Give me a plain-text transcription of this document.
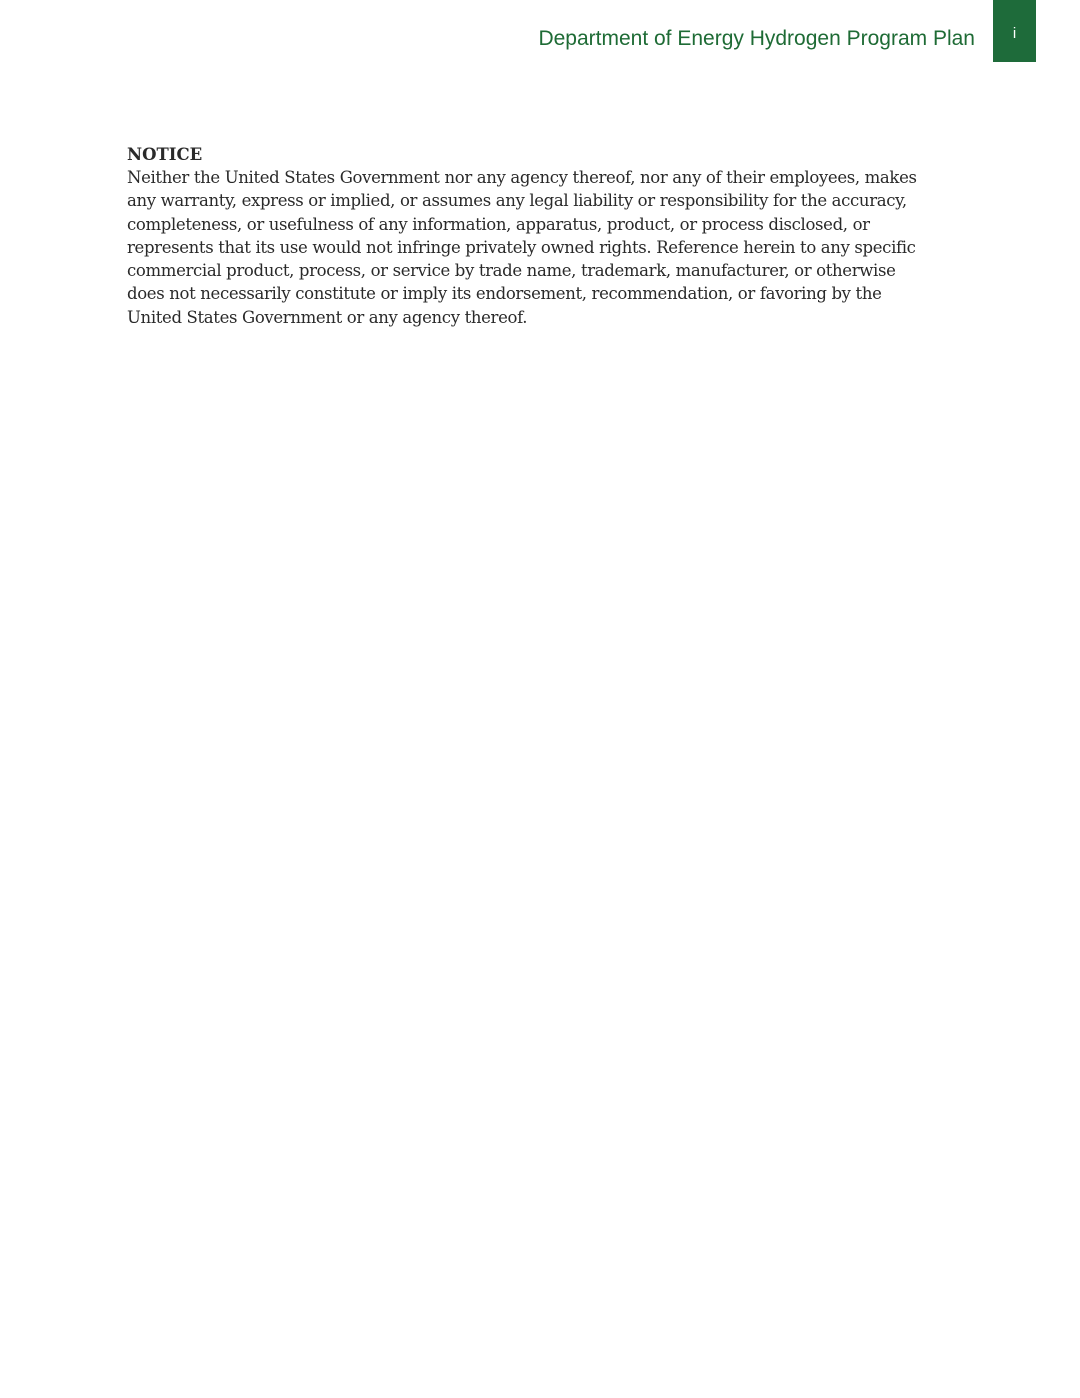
Department of Energy Hydrogen Program Plan	i

NOTICE

Neither the United States Government nor any agency thereof, nor any of their employees, makes
any warranty, express or implied, or assumes any legal liability or responsibility for the accuracy,
completeness, or usefulness of any information, apparatus, product, or process disclosed, or
represents that its use would not infringe privately owned rights. Reference herein to any specific
commercial product, process, or service by trade name, trademark, manufacturer, or otherwise
does not necessarily constitute or imply its endorsement, recommendation, or favoring by the
United States Government or any agency thereof.
